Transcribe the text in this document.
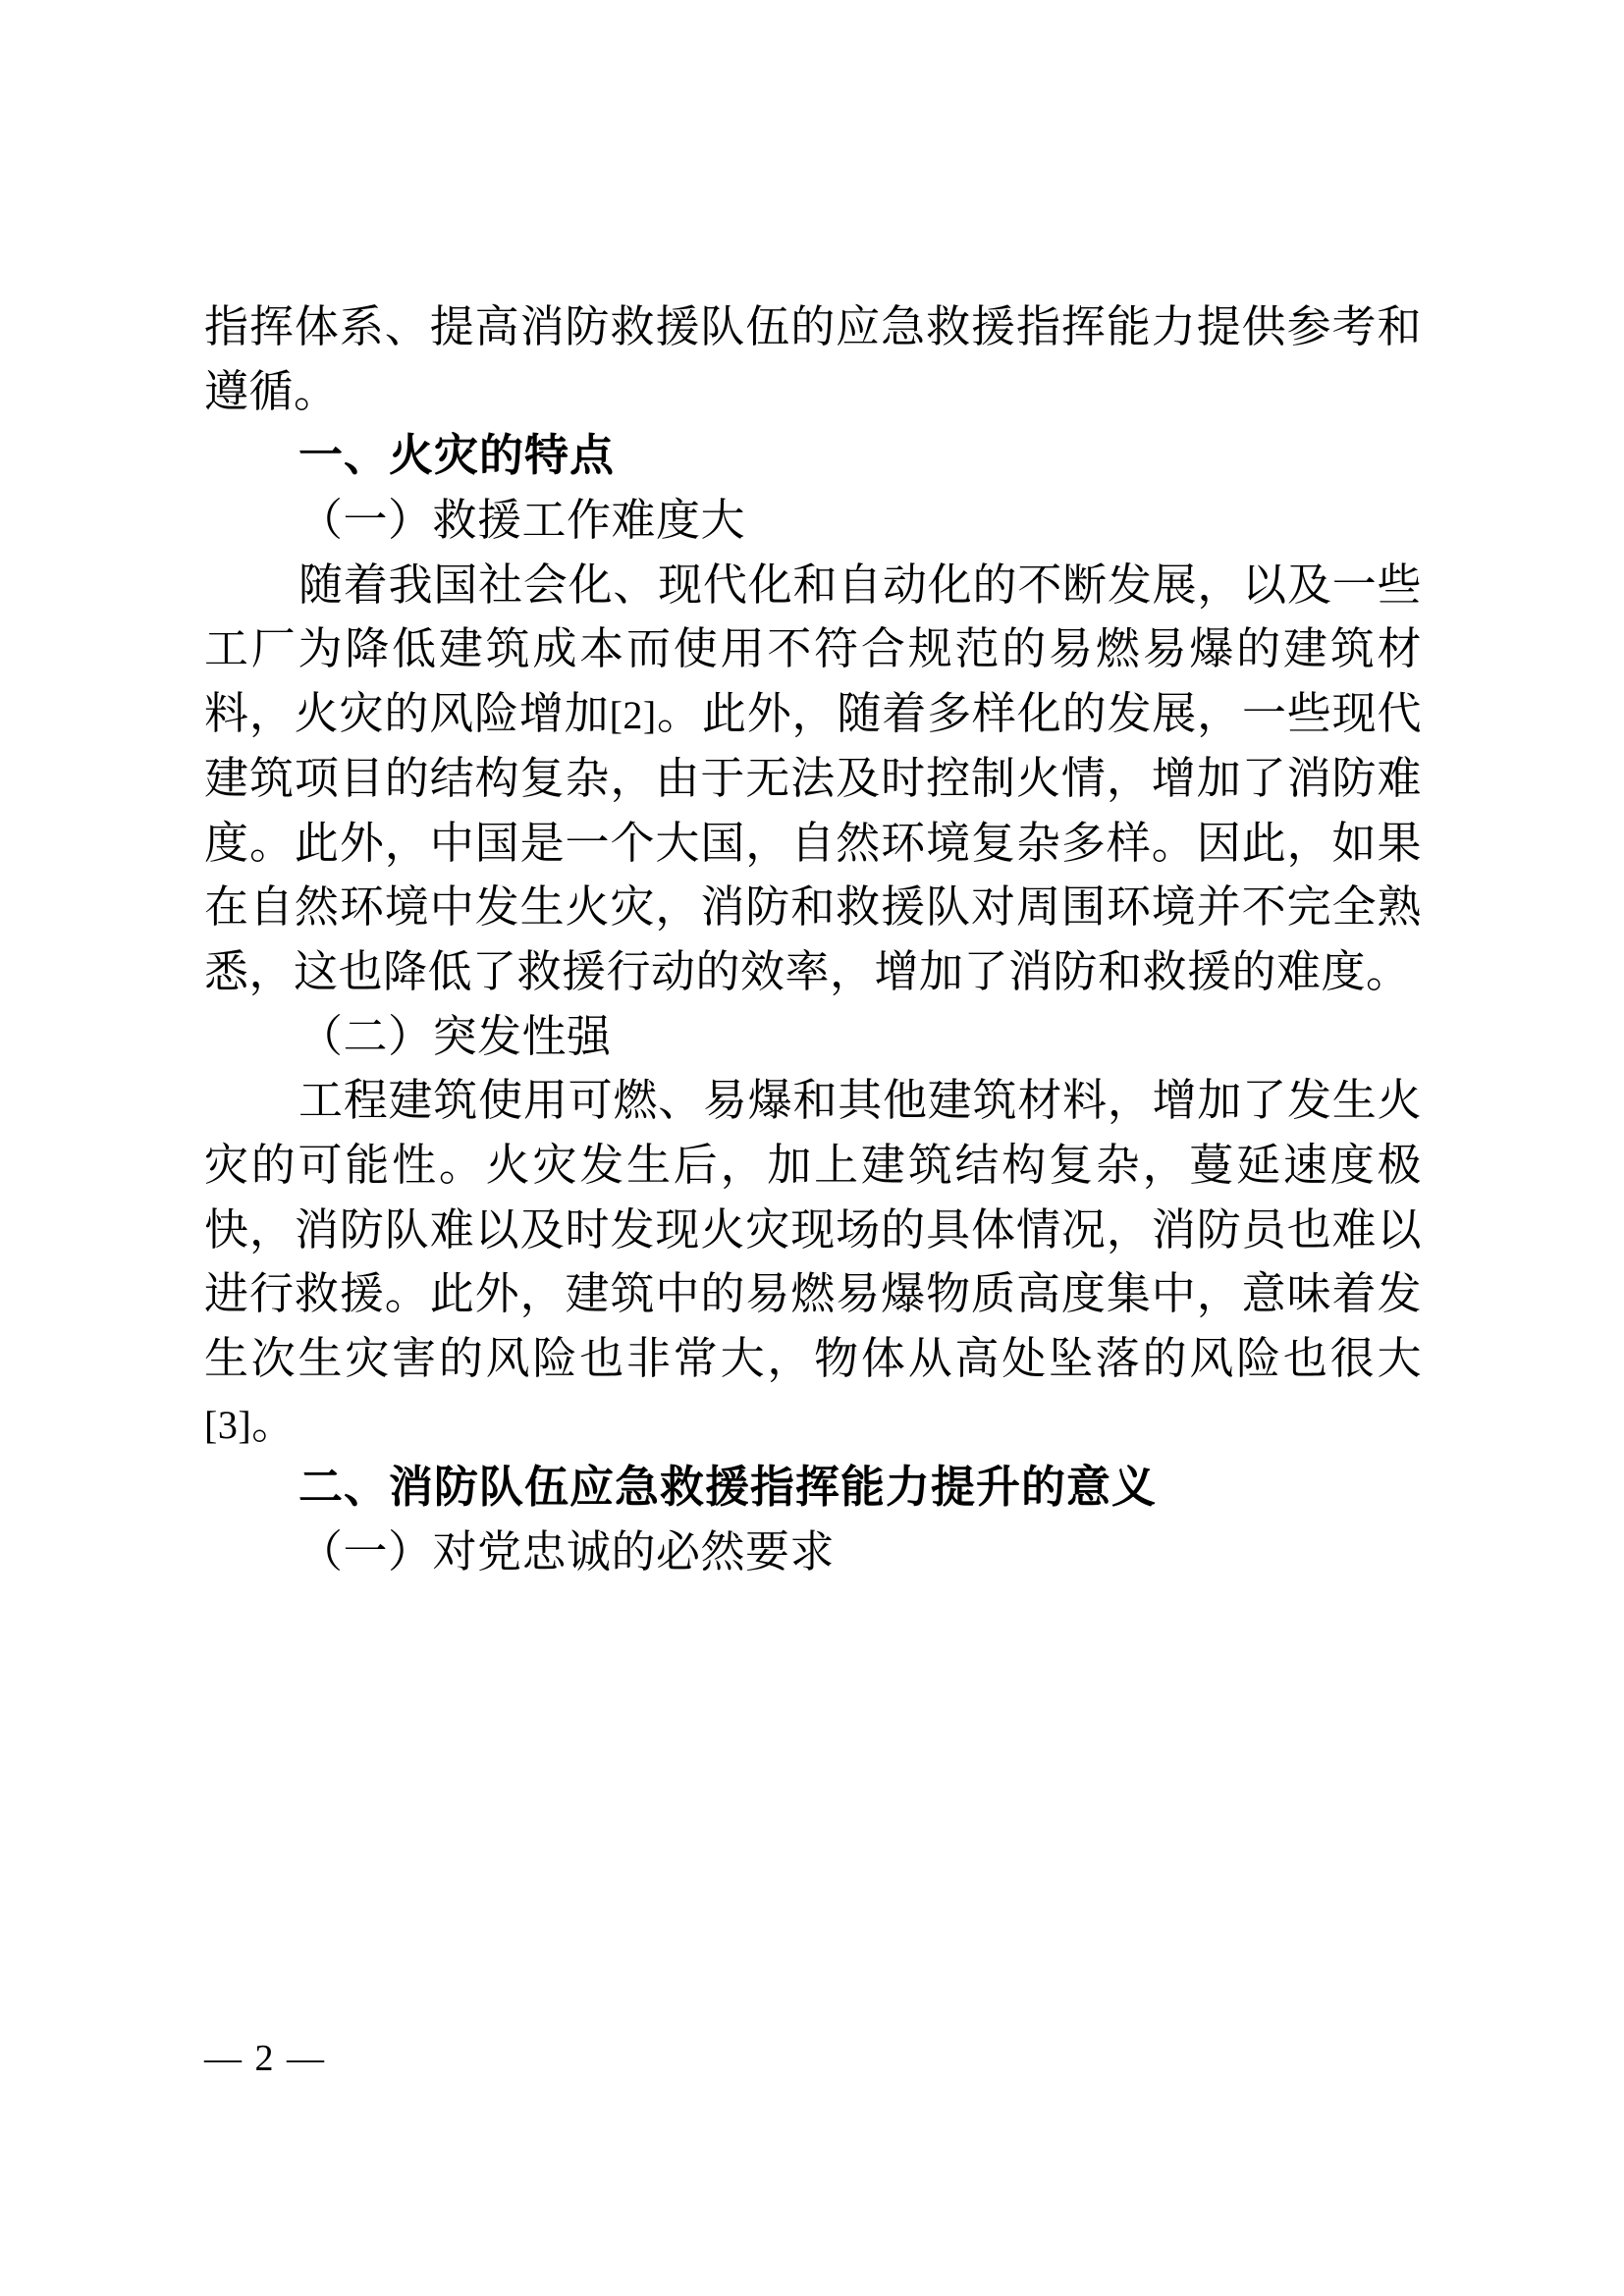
指挥体系、提高消防救援队伍的应急救援指挥能力提供参考和遵循。

一、火灾的特点
（一）救援工作难度大

随着我国社会化、现代化和自动化的不断发展，以及一些工厂为降低建筑成本而使用不符合规范的易燃易爆的建筑材料，火灾的风险增加[2]。此外，随着多样化的发展，一些现代建筑项目的结构复杂，由于无法及时控制火情，增加了消防难度。此外，中国是一个大国，自然环境复杂多样。因此，如果在自然环境中发生火灾，消防和救援队对周围环境并不完全熟悉，这也降低了救援行动的效率，增加了消防和救援的难度。

（二）突发性强

工程建筑使用可燃、易爆和其他建筑材料，增加了发生火灾的可能性。火灾发生后，加上建筑结构复杂，蔓延速度极快，消防队难以及时发现火灾现场的具体情况，消防员也难以进行救援。此外，建筑中的易燃易爆物质高度集中，意味着发生次生灾害的风险也非常大，物体从高处坠落的风险也很大[3]。

二、消防队伍应急救援指挥能力提升的意义
（一）对党忠诚的必然要求
— 2 —
